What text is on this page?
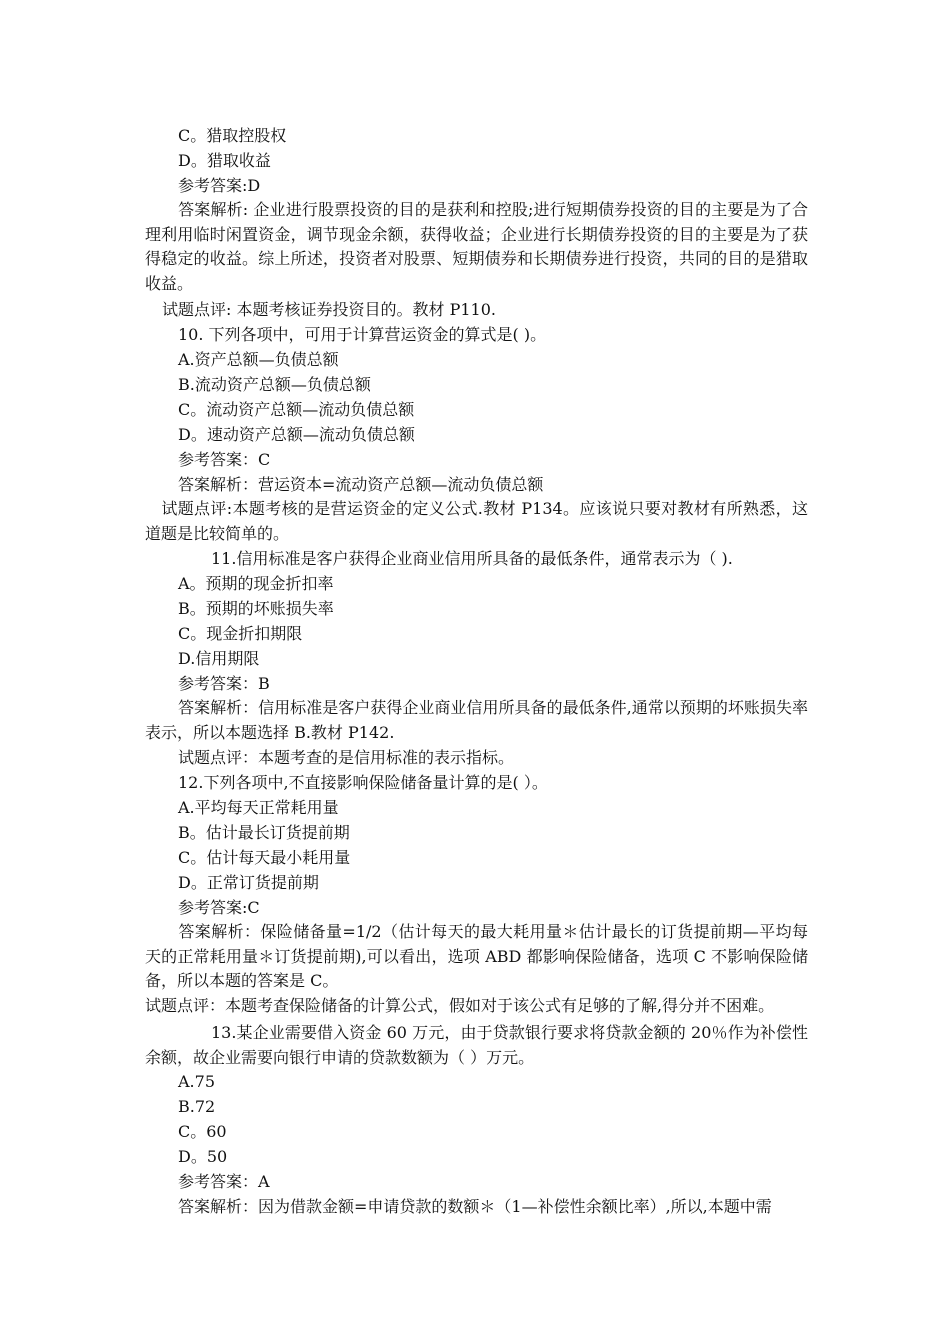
C。猎取控股权
D。猎取收益
参考答案:D
答案解析: 企业进行股票投资的目的是获利和控股;进行短期债券投资的目的主要是为了合理利用临时闲置资金，调节现金余额，获得收益；企业进行长期债券投资的目的主要是为了获得稳定的收益。综上所述，投资者对股票、短期债券和长期债券进行投资，共同的目的是猎取收益。
试题点评: 本题考核证券投资目的。教材 P110.
10. 下列各项中，可用于计算营运资金的算式是( )。
A.资产总额—负债总额
B.流动资产总额—负债总额
C。流动资产总额—流动负债总额
D。速动资产总额—流动负债总额
参考答案：C
答案解析：营运资本=流动资产总额—流动负债总额
试题点评:本题考核的是营运资金的定义公式.教材 P134。应该说只要对教材有所熟悉，这道题是比较简单的。
11.信用标准是客户获得企业商业信用所具备的最低条件，通常表示为（ ).
A。预期的现金折扣率
B。预期的坏账损失率
C。现金折扣期限
D.信用期限
参考答案：B
答案解析：信用标准是客户获得企业商业信用所具备的最低条件,通常以预期的坏账损失率表示，所以本题选择 B.教材 P142.
试题点评：本题考查的是信用标准的表示指标。
12.下列各项中,不直接影响保险储备量计算的是( ）。
A.平均每天正常耗用量
B。估计最长订货提前期
C。估计每天最小耗用量
D。正常订货提前期
参考答案:C
答案解析：保险储备量=1/2（估计每天的最大耗用量＊估计最长的订货提前期—平均每天的正常耗用量＊订货提前期),可以看出，选项 ABD 都影响保险储备，选项 C 不影响保险储备，所以本题的答案是 C。
试题点评：本题考查保险储备的计算公式，假如对于该公式有足够的了解,得分并不困难。
13.某企业需要借入资金 60 万元，由于贷款银行要求将贷款金额的 20％作为补偿性余额，故企业需要向银行申请的贷款数额为（ ）万元。
A.75
B.72
C。60
D。50
参考答案：A
答案解析：因为借款金额=申请贷款的数额＊（1—补偿性余额比率）,所以,本题中需
